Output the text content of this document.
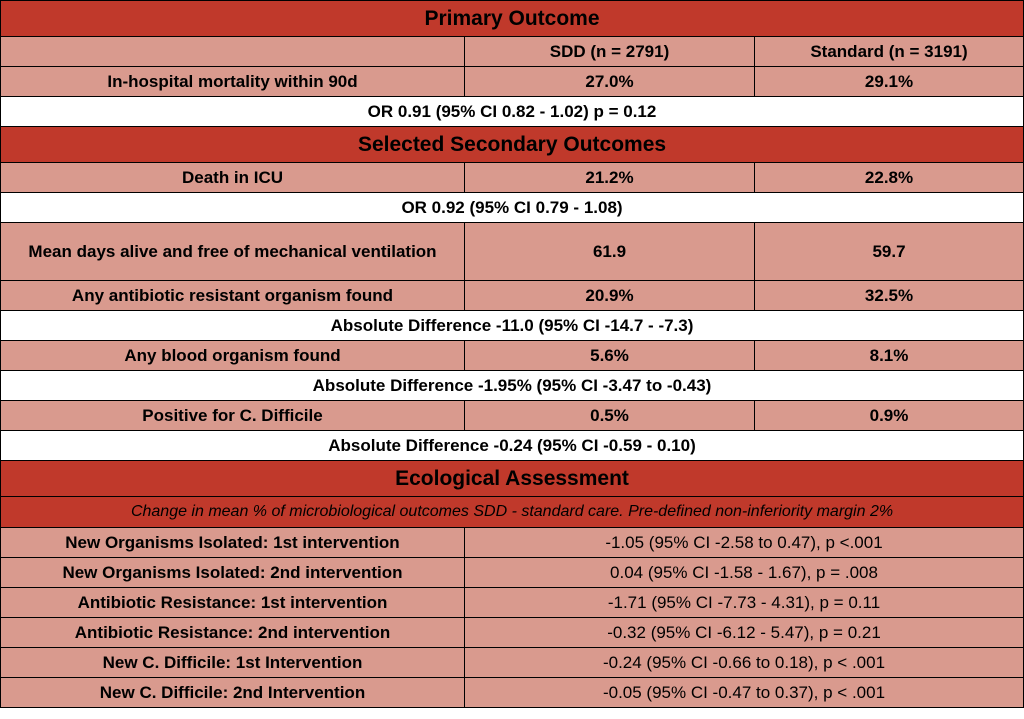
Primary Outcome		
	SDD (n = 2791)	Standard (n = 3191)
In-hospital mortality within 90d	27.0%	29.1%
OR 0.91 (95% CI 0.82 - 1.02) p = 0.12		
Selected Secondary Outcomes		
Death in ICU	21.2%	22.8%
OR 0.92 (95% CI 0.79 - 1.08)		
Mean days alive and free of mechanical ventilation	61.9	59.7
Any antibiotic resistant organism found	20.9%	32.5%
Absolute Difference -11.0 (95% CI -14.7 - -7.3)		
Any blood organism found	5.6%	8.1%
Absolute Difference -1.95% (95% CI -3.47 to -0.43)		
Positive for C. Difficile	0.5%	0.9%
Absolute Difference -0.24 (95% CI -0.59 - 0.10)		
Ecological Assessment		
Change in mean % of microbiological outcomes SDD - standard care. Pre-defined non-inferiority margin 2%		
New Organisms Isolated: 1st intervention	-1.05 (95% CI -2.58 to 0.47), p <.001	
New Organisms Isolated: 2nd intervention	0.04 (95% CI -1.58 - 1.67), p = .008	
Antibiotic Resistance: 1st intervention	-1.71 (95% CI -7.73 - 4.31), p = 0.11	
Antibiotic Resistance: 2nd intervention	-0.32 (95% CI -6.12 - 5.47), p = 0.21	
New C. Difficile: 1st Intervention	-0.24 (95% CI -0.66 to 0.18), p < .001	
New C. Difficile: 2nd Intervention	-0.05 (95% CI -0.47 to 0.37), p < .001	
